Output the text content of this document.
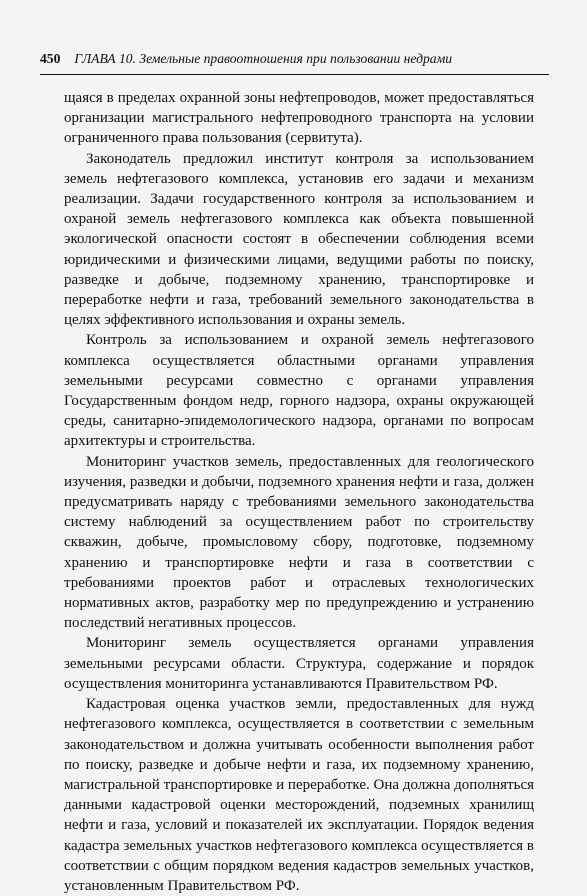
450 ГЛАВА 10. Земельные правоотношения при пользовании недрами

щаяся в пределах охранной зоны нефтепроводов, может предоставляться организации магистрального нефтепроводного транспорта на условии ограниченного права пользования (сервитута).

Законодатель предложил институт контроля за использованием земель нефтегазового комплекса, установив его задачи и механизм реализации. Задачи государственного контроля за использованием и охраной земель нефтегазового комплекса как объекта повышенной экологической опасности состоят в обеспечении соблюдения всеми юридическими и физическими лицами, ведущими работы по поиску, разведке и добыче, подземному хранению, транспортировке и переработке нефти и газа, требований земельного законодательства в целях эффективного использования и охраны земель.

Контроль за использованием и охраной земель нефтегазового комплекса осуществляется областными органами управления земельными ресурсами совместно с органами управления Государственным фондом недр, горного надзора, охраны окружающей среды, санитарно-эпидемологического надзора, органами по вопросам архитектуры и строительства.

Мониторинг участков земель, предоставленных для геологического изучения, разведки и добычи, подземного хранения нефти и газа, должен предусматривать наряду с требованиями земельного законодательства систему наблюдений за осуществлением работ по строительству скважин, добыче, промысловому сбору, подготовке, подземному хранению и транспортировке нефти и газа в соответствии с требованиями проектов работ и отраслевых технологических нормативных актов, разработку мер по предупреждению и устранению последствий негативных процессов.

Мониторинг земель осуществляется органами управления земельными ресурсами области. Структура, содержание и порядок осуществления мониторинга устанавливаются Правительством РФ.

Кадастровая оценка участков земли, предоставленных для нужд нефтегазового комплекса, осуществляется в соответствии с земельным законодательством и должна учитывать особенности выполнения работ по поиску, разведке и добыче нефти и газа, их подземному хранению, магистральной транспортировке и переработке. Она должна дополняться данными кадастровой оценки месторождений, подземных хранилищ нефти и газа, условий и показателей их эксплуатации. Порядок ведения кадастра земельных участков нефтегазового комплекса осуществляется в соответствии с общим порядком ведения кадастров земельных участков, установленным Правительством РФ.
